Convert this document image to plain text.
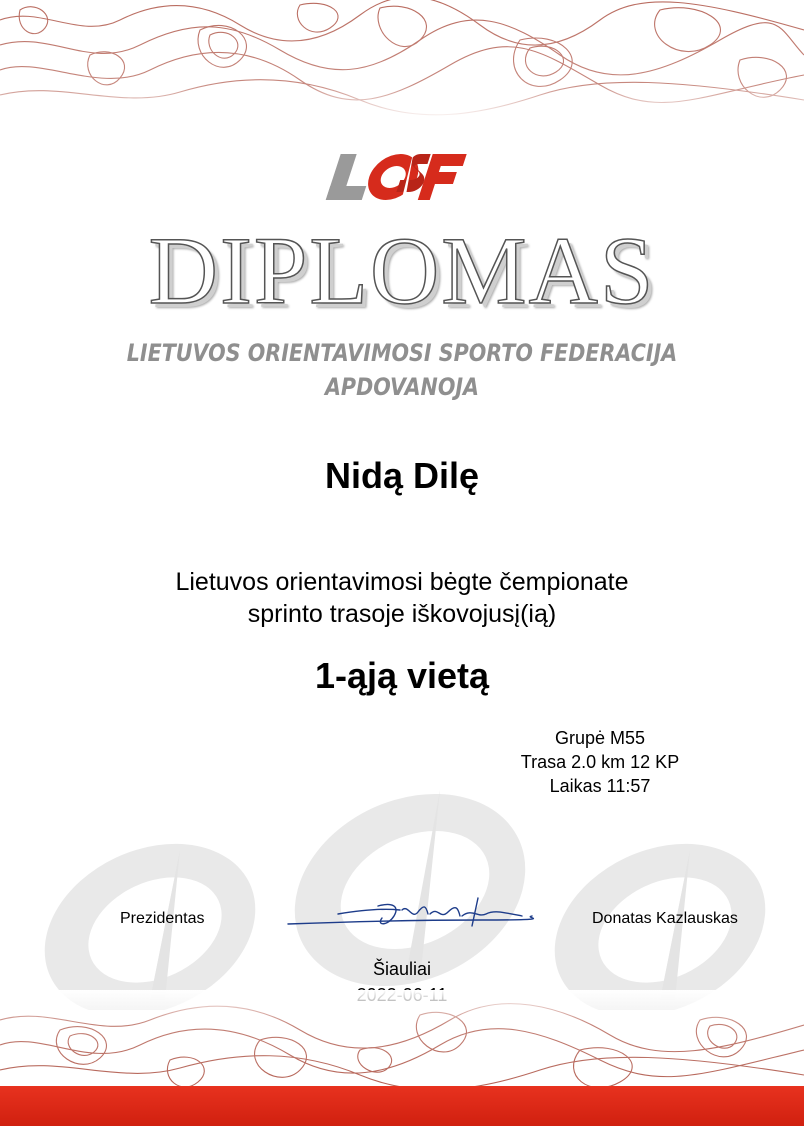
DIPLOMAS
LIETUVOS ORIENTAVIMOSI SPORTO FEDERACIJA
APDOVANOJA
Nidą Dilę
Lietuvos orientavimosi bėgte čempionate
sprinto trasoje iškovojusį(ią)
1-ąją vietą
Grupė M55
Trasa 2.0 km 12 KP
Laikas 11:57
Prezidentas	Donatas Kazlauskas
Šiauliai
